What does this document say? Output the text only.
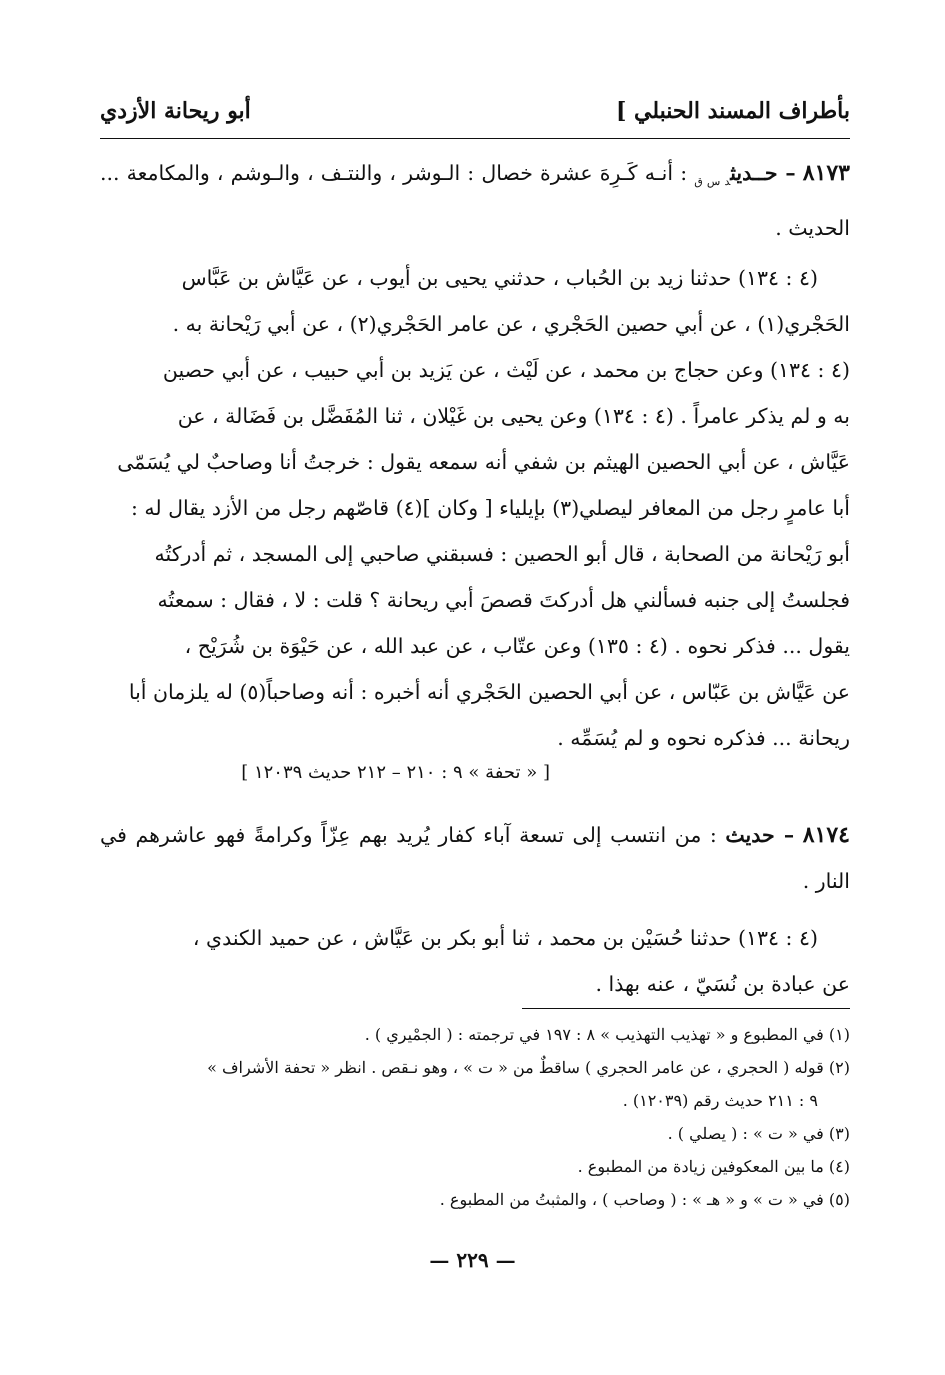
بأطراف المسند الحنبلي ]
أبو ريحانة الأزدي

٨١٧٣ – حــديث$_{د س ق}$ : أنـه كَـرِهَ عشرة خصال : الـوشر ، والنتـف ، والـوشم ، والمكامعة ... الحديث .

(٤ : ١٣٤) حدثنا زيد بن الحُباب ، حدثني يحيى بن أيوب ، عن عَيَّاش بن عَبَّاس

الحَجْري(١) ، عن أبي حصين الحَجْري ، عن عامر الحَجْري(٢) ، عن أبي رَيْحانة به .

(٤ : ١٣٤) وعن حجاج بن محمد ، عن لَيْث ، عن يَزيد بن أبي حبيب ، عن أبي حصين

به و لم يذكر عامراً . (٤ : ١٣٤) وعن يحيى بن غَيْلان ، ثنا المُفَضَّل بن فَضَالة ، عن

عَيَّاش ، عن أبي الحصين الهيثم بن شفي أنه سمعه يقول : خرجتُ أنا وصاحبٌ لي يُسَمّى

أبا عامرٍ رجل من المعافر ليصلي(٣) بإيلياء [ وكان ](٤) قاصّهم رجل من الأزد يقال له :

أبو رَيْحانة من الصحابة ، قال أبو الحصين : فسبقني صاحبي إلى المسجد ، ثم أدركتُه

فجلستُ إلى جنبه فسألني هل أدركتَ قصصَ أبي ريحانة ؟ قلت : لا ، فقال : سمعتُه

يقول ... فذكر نحوه . (٤ : ١٣٥) وعن عتّاب ، عن عبد الله ، عن حَيْوَة بن شُرَيْح ،

عن عَيَّاش بن عَبّاس ، عن أبي الحصين الحَجْري أنه أخبره : أنه وصاحباً(٥) له يلزمان أبا

ريحانة ... فذكره نحوه و لم يُسَمِّه .

[ « تحفة » ٩ : ٢١٠ – ٢١٢ حديث ١٢٠٣٩ ]

٨١٧٤ – حديث : من انتسب إلى تسعة آباء كفار يُريد بهم عِزّاً وكرامةً فهو عاشرهم في النار .

(٤ : ١٣٤) حدثنا حُسَيْن بن محمد ، ثنا أبو بكر بن عَيَّاش ، عن حميد الكندي ،

عن عبادة بن نُسَيّ ، عنه بهذا .

(١) في المطبوع و « تهذيب التهذيب » ٨ : ١٩٧ في ترجمته : ( الجمْيري ) .

(٢) قوله ( الحجري ، عن عامر الحجري ) ساقطٌ من « ت » ، وهو نـقص . انظر « تحفة الأشراف »

٩ : ٢١١ حديث رقم (١٢٠٣٩) .

(٣) في « ت » : ( يصلي ) .

(٤) ما بين المعكوفين زيادة من المطبوع .

(٥) في « ت » و « هـ » : ( وصاحب ) ، والمثبتُ من المطبوع .

— ٢٢٩ —
